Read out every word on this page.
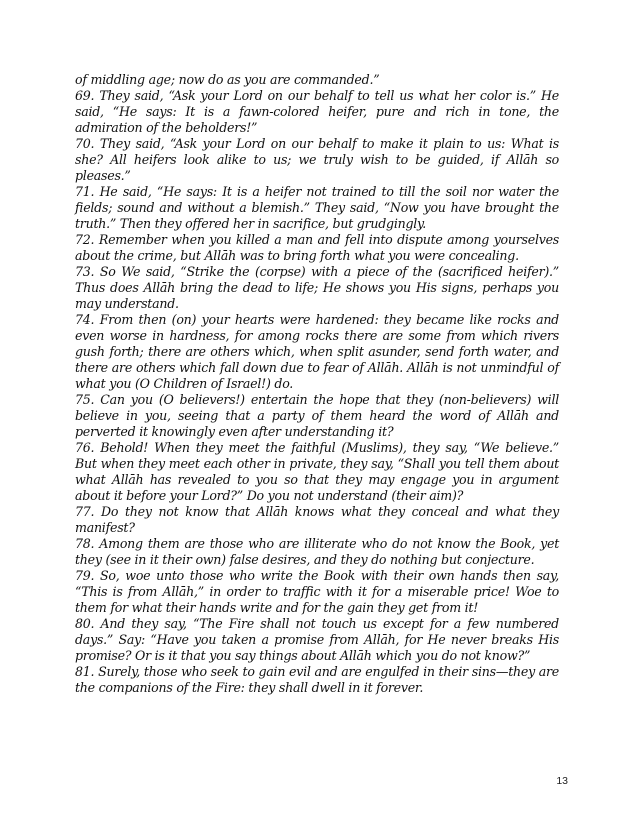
of middling age; now do as you are commanded.”

69. They said, “Ask your Lord on our behalf to tell us what her color is.” He said, “He says: It is a fawn-colored heifer, pure and rich in tone, the admiration of the beholders!”

70. They said, “Ask your Lord on our behalf to make it plain to us: What is she? All heifers look alike to us; we truly wish to be guided, if Allāh so pleases.”

71. He said, “He says: It is a heifer not trained to till the soil nor water the fields; sound and without a blemish.” They said, “Now you have brought the truth.” Then they offered her in sacrifice, but grudgingly.

72. Remember when you killed a man and fell into dispute among yourselves about the crime, but Allāh was to bring forth what you were concealing.

73. So We said, “Strike the (corpse) with a piece of the (sacrificed heifer).” Thus does Allāh bring the dead to life; He shows you His signs, perhaps you may understand.

74. From then (on) your hearts were hardened: they became like rocks and even worse in hardness, for among rocks there are some from which rivers gush forth; there are others which, when split asunder, send forth water, and there are others which fall down due to fear of Allāh. Allāh is not unmindful of what you (O Children of Israel!) do.

75. Can you (O believers!) entertain the hope that they (non-believers) will believe in you, seeing that a party of them heard the word of Allāh and perverted it knowingly even after understanding it?

76. Behold! When they meet the faithful (Muslims), they say, “We believe.” But when they meet each other in private, they say, “Shall you tell them about what Allāh has revealed to you so that they may engage you in argument about it before your Lord?” Do you not understand (their aim)?

77. Do they not know that Allāh knows what they conceal and what they manifest?

78. Among them are those who are illiterate who do not know the Book, yet they (see in it their own) false desires, and they do nothing but conjecture.

79. So, woe unto those who write the Book with their own hands then say, “This is from Allāh,” in order to traffic with it for a miserable price! Woe to them for what their hands write and for the gain they get from it!

80. And they say, “The Fire shall not touch us except for a few numbered days.” Say: “Have you taken a promise from Allāh, for He never breaks His promise? Or is it that you say things about Allāh which you do not know?”

81. Surely, those who seek to gain evil and are engulfed in their sins—they are the companions of the Fire: they shall dwell in it forever.

13
